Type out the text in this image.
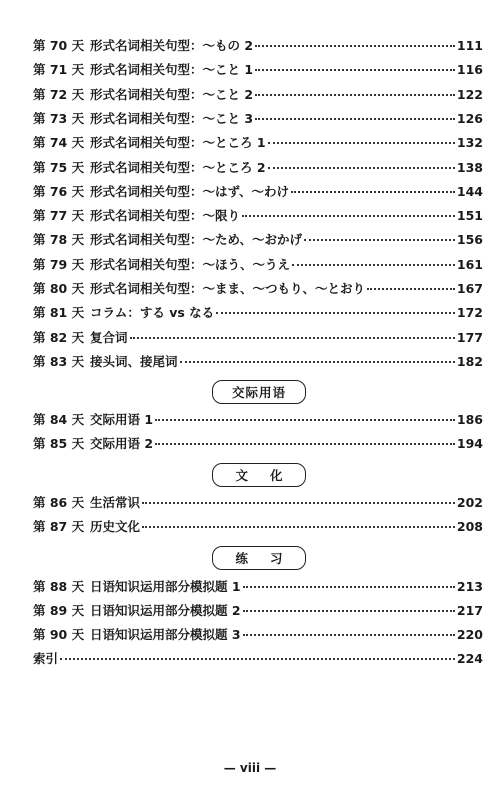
第 70 天 形式名词相关句型：～もの 2	111
第 71 天 形式名词相关句型：～こと 1	116
第 72 天 形式名词相关句型：～こと 2	122
第 73 天 形式名词相关句型：～こと 3	126
第 74 天 形式名词相关句型：～ところ 1	132
第 75 天 形式名词相关句型：～ところ 2	138
第 76 天 形式名词相关句型：～はず、～わけ	144
第 77 天 形式名词相关句型：～限り	151
第 78 天 形式名词相关句型：～ため、～おかげ	156
第 79 天 形式名词相关句型：～ほう、～うえ	161
第 80 天 形式名词相关句型：～まま、～つもり、～とおり	167
第 81 天 コラム：する vs なる	172
第 82 天 复合词	177
第 83 天 接头词、接尾词	182
第 84 天 交际用语 1	186
第 85 天 交际用语 2	194
第 86 天 生活常识	202
第 87 天 历史文化	208
第 88 天 日语知识运用部分模拟题 1	213
第 89 天 日语知识运用部分模拟题 2	217
第 90 天 日语知识运用部分模拟题 3	220
索引	224
交际用语
文化
练习
— viii —
